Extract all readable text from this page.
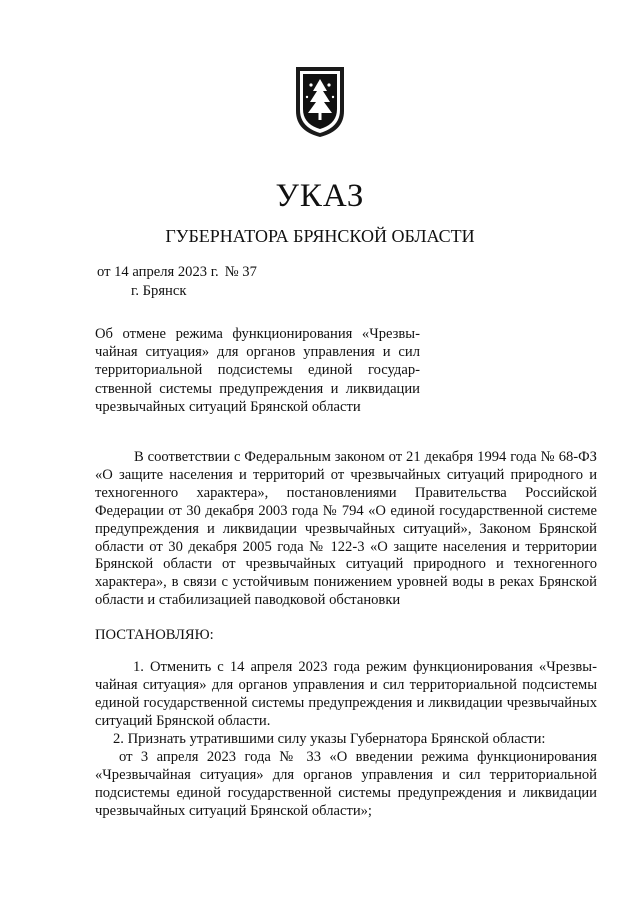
УКАЗ
ГУБЕРНАТОРА БРЯНСКОЙ ОБЛАСТИ
от 14 апреля 2023 г. № 37
г. Брянск
Об отмене режима функционирования «Чрезвычайная ситуация» для органов управления и сил территориальной подсистемы единой государственной системы предупреждения и ликвидации чрезвычайных ситуаций Брянской области
В соответствии с Федеральным законом от 21 декабря 1994 года № 68-ФЗ «О защите населения и территорий от чрезвычайных ситуаций природного и техногенного характера», постановлениями Правительства Российской Федерации от 30 декабря 2003 года № 794 «О единой государственной системе предупреждения и ликвидации чрезвычайных ситуаций», Законом Брянской области от 30 декабря 2005 года № 122-3 «О защите населения и территории Брянской области от чрезвычайных ситуаций природного и техногенного характера», в связи с устойчивым понижением уровней воды в реках Брянской области и стабилизацией паводковой обстановки
ПОСТАНОВЛЯЮ:
1. Отменить с 14 апреля 2023 года режим функционирования «Чрезвычайная ситуация» для органов управления и сил территориальной подсистемы единой государственной системы предупреждения и ликвидации чрезвычайных ситуаций Брянской области.
2. Признать утратившими силу указы Губернатора Брянской области:
от 3 апреля 2023 года № 33 «О введении режима функционирования «Чрезвычайная ситуация» для органов управления и сил территориальной подсистемы единой государственной системы предупреждения и ликвидации чрезвычайных ситуаций Брянской области»;
